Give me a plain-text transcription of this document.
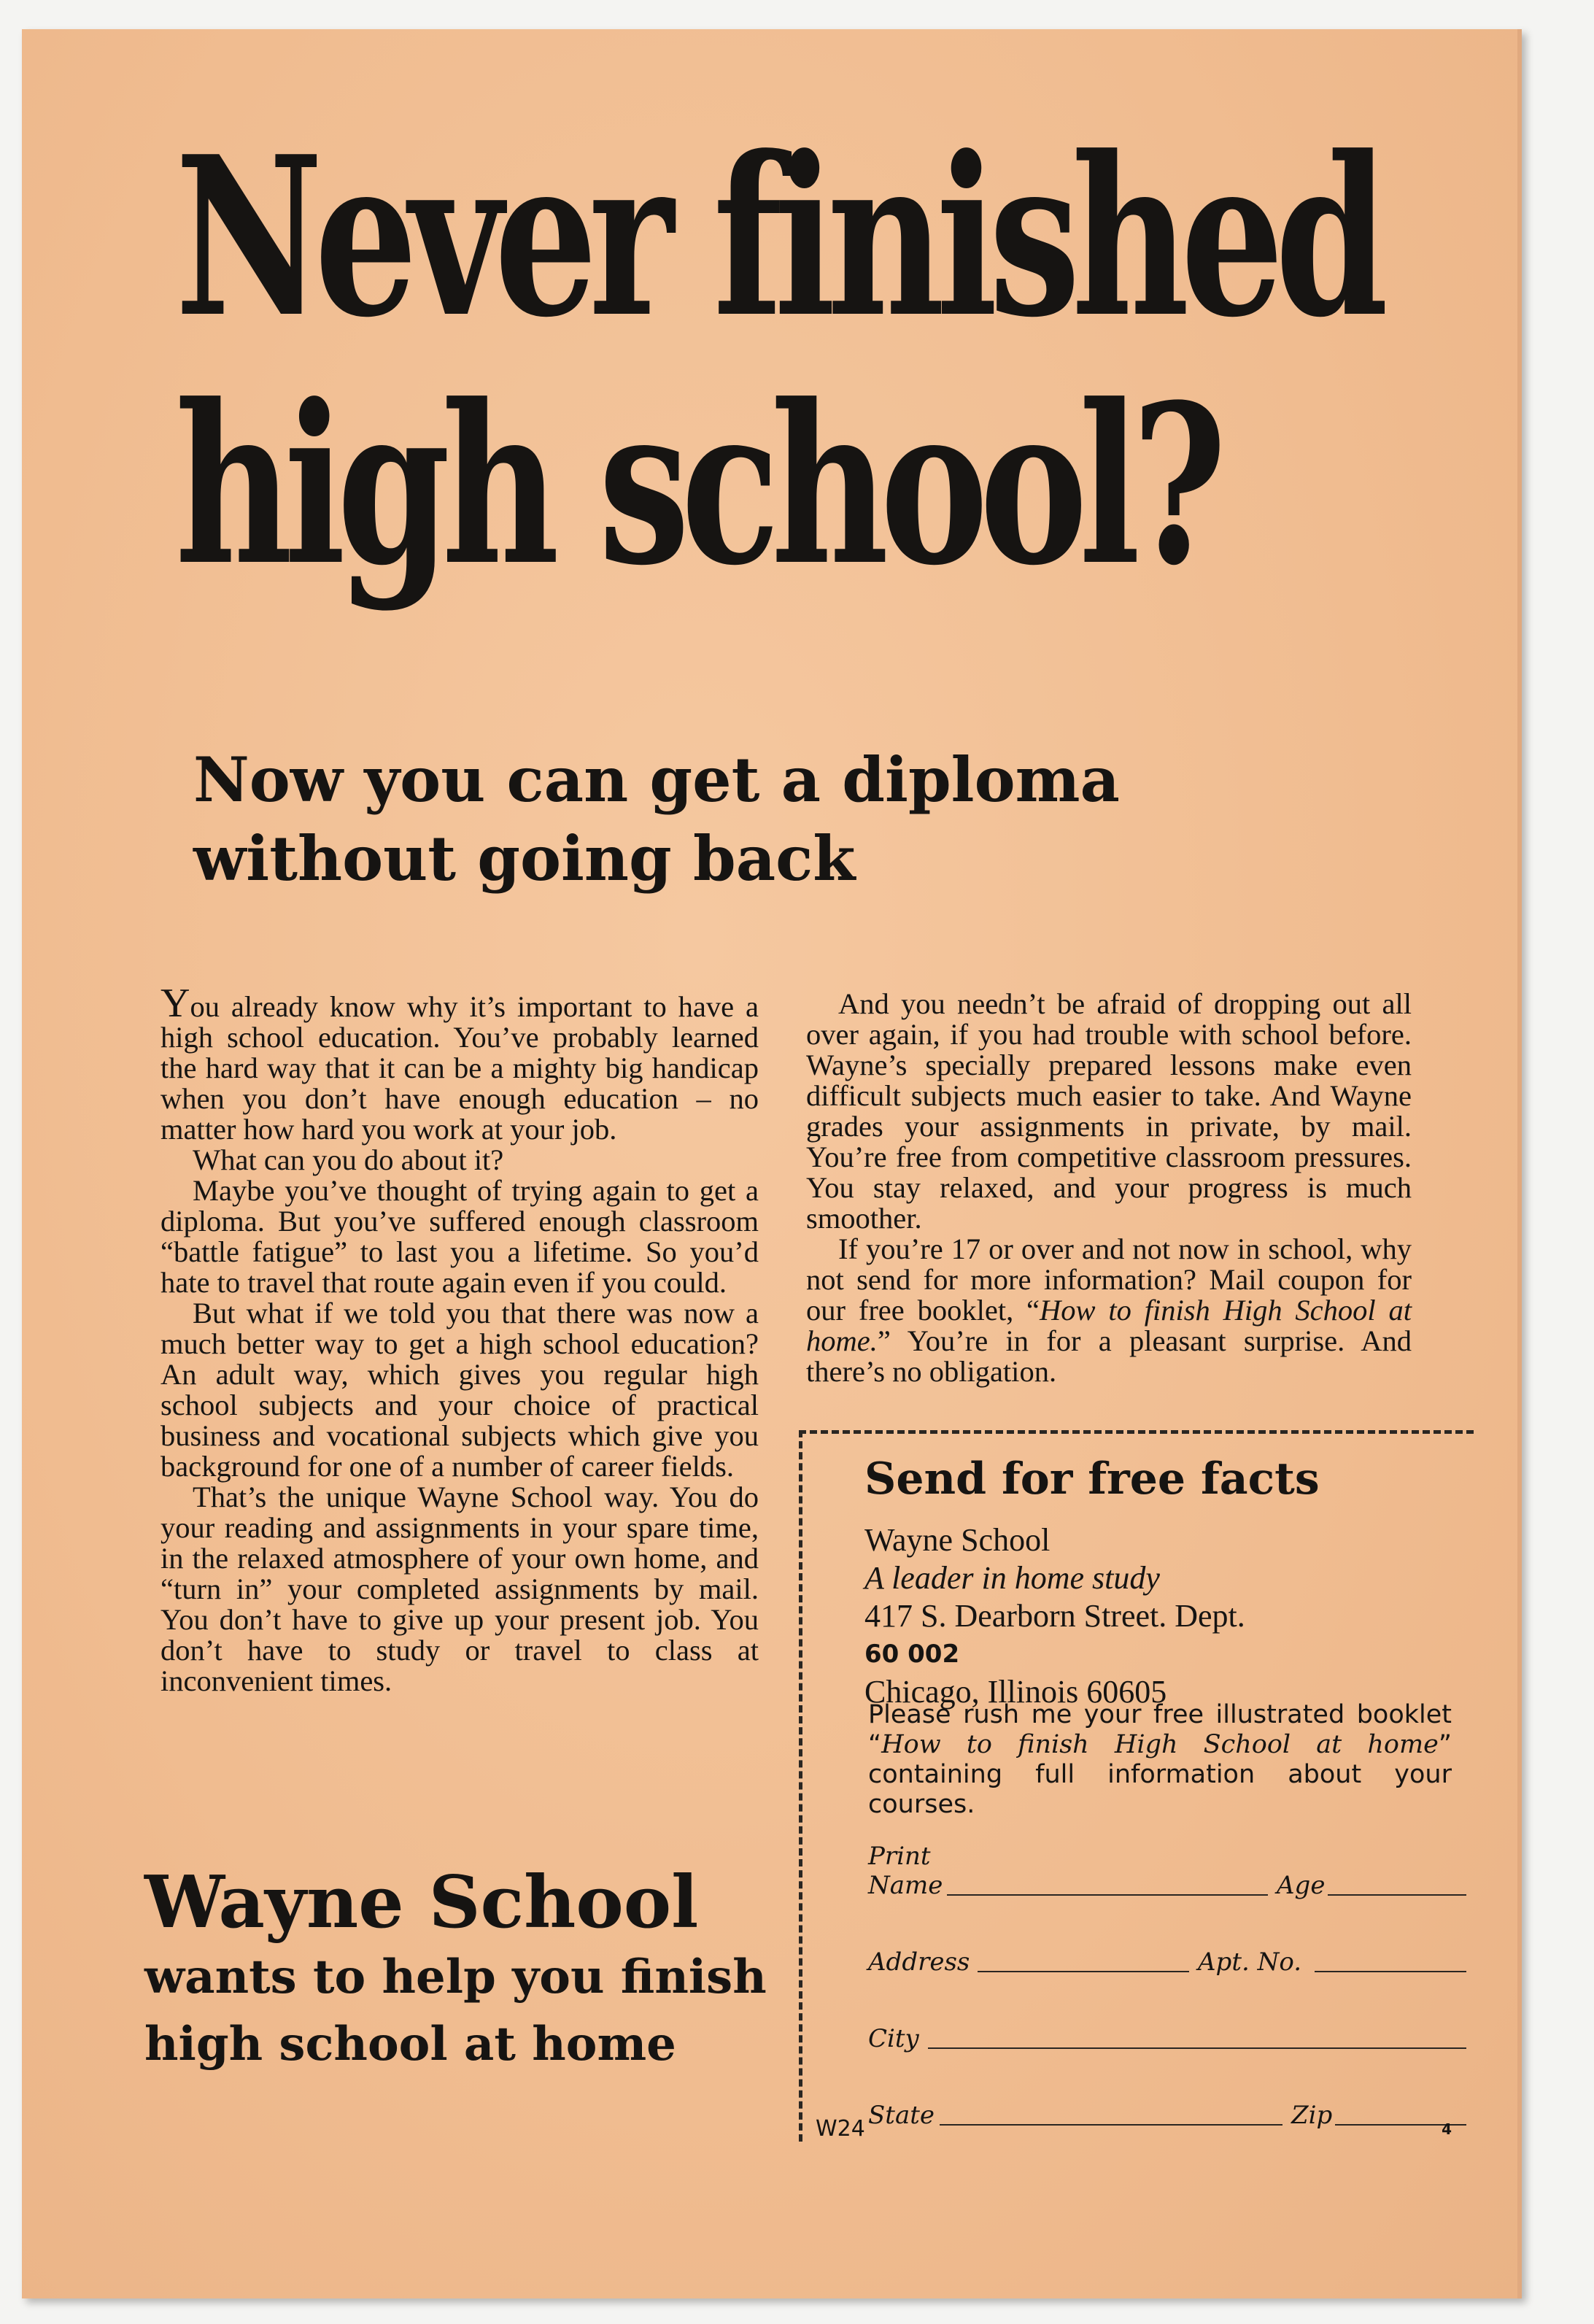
Never finished
high school?
Now you can get a diploma
without going back

You already know why it’s important to have a high school education. You’ve probably learned the hard way that it can be a mighty big handicap when you don’t have enough education – no matter how hard you work at your job.

What can you do about it?

Maybe you’ve thought of trying again to get a diploma. But you’ve suffered enough classroom “battle fatigue” to last you a lifetime. So you’d hate to travel that route again even if you could.

But what if we told you that there was now a much better way to get a high school education? An adult way, which gives you regular high school subjects and your choice of practical business and vocational subjects which give you background for one of a number of career fields.

That’s the unique Wayne School way. You do your reading and assignments in your spare time, in the relaxed atmosphere of your own home, and “turn in” your completed assignments by mail. You don’t have to give up your present job. You don’t have to study or travel to class at inconvenient times.

And you needn’t be afraid of dropping out all over again, if you had trouble with school before. Wayne’s specially prepared lessons make even difficult subjects much easier to take. And Wayne grades your assignments in private, by mail. You’re free from competitive classroom pressures. You stay relaxed, and your progress is much smoother.

If you’re 17 or over and not now in school, why not send for more information? Mail coupon for our free booklet, “How to finish High School at home.” You’re in for a pleasant surprise. And there’s no obligation.

Wayne School
wants to help you finish
high school at home
Send for free facts
Wayne School
A leader in home study
417 S. Dearborn Street. Dept.
60 002
Chicago, Illinois 60605
Please rush me your free illustrated booklet “How to finish High School at home” containing full information about your courses.
Print
Name	Age
Address	Apt. No.
City
State	Zip
W24	4
